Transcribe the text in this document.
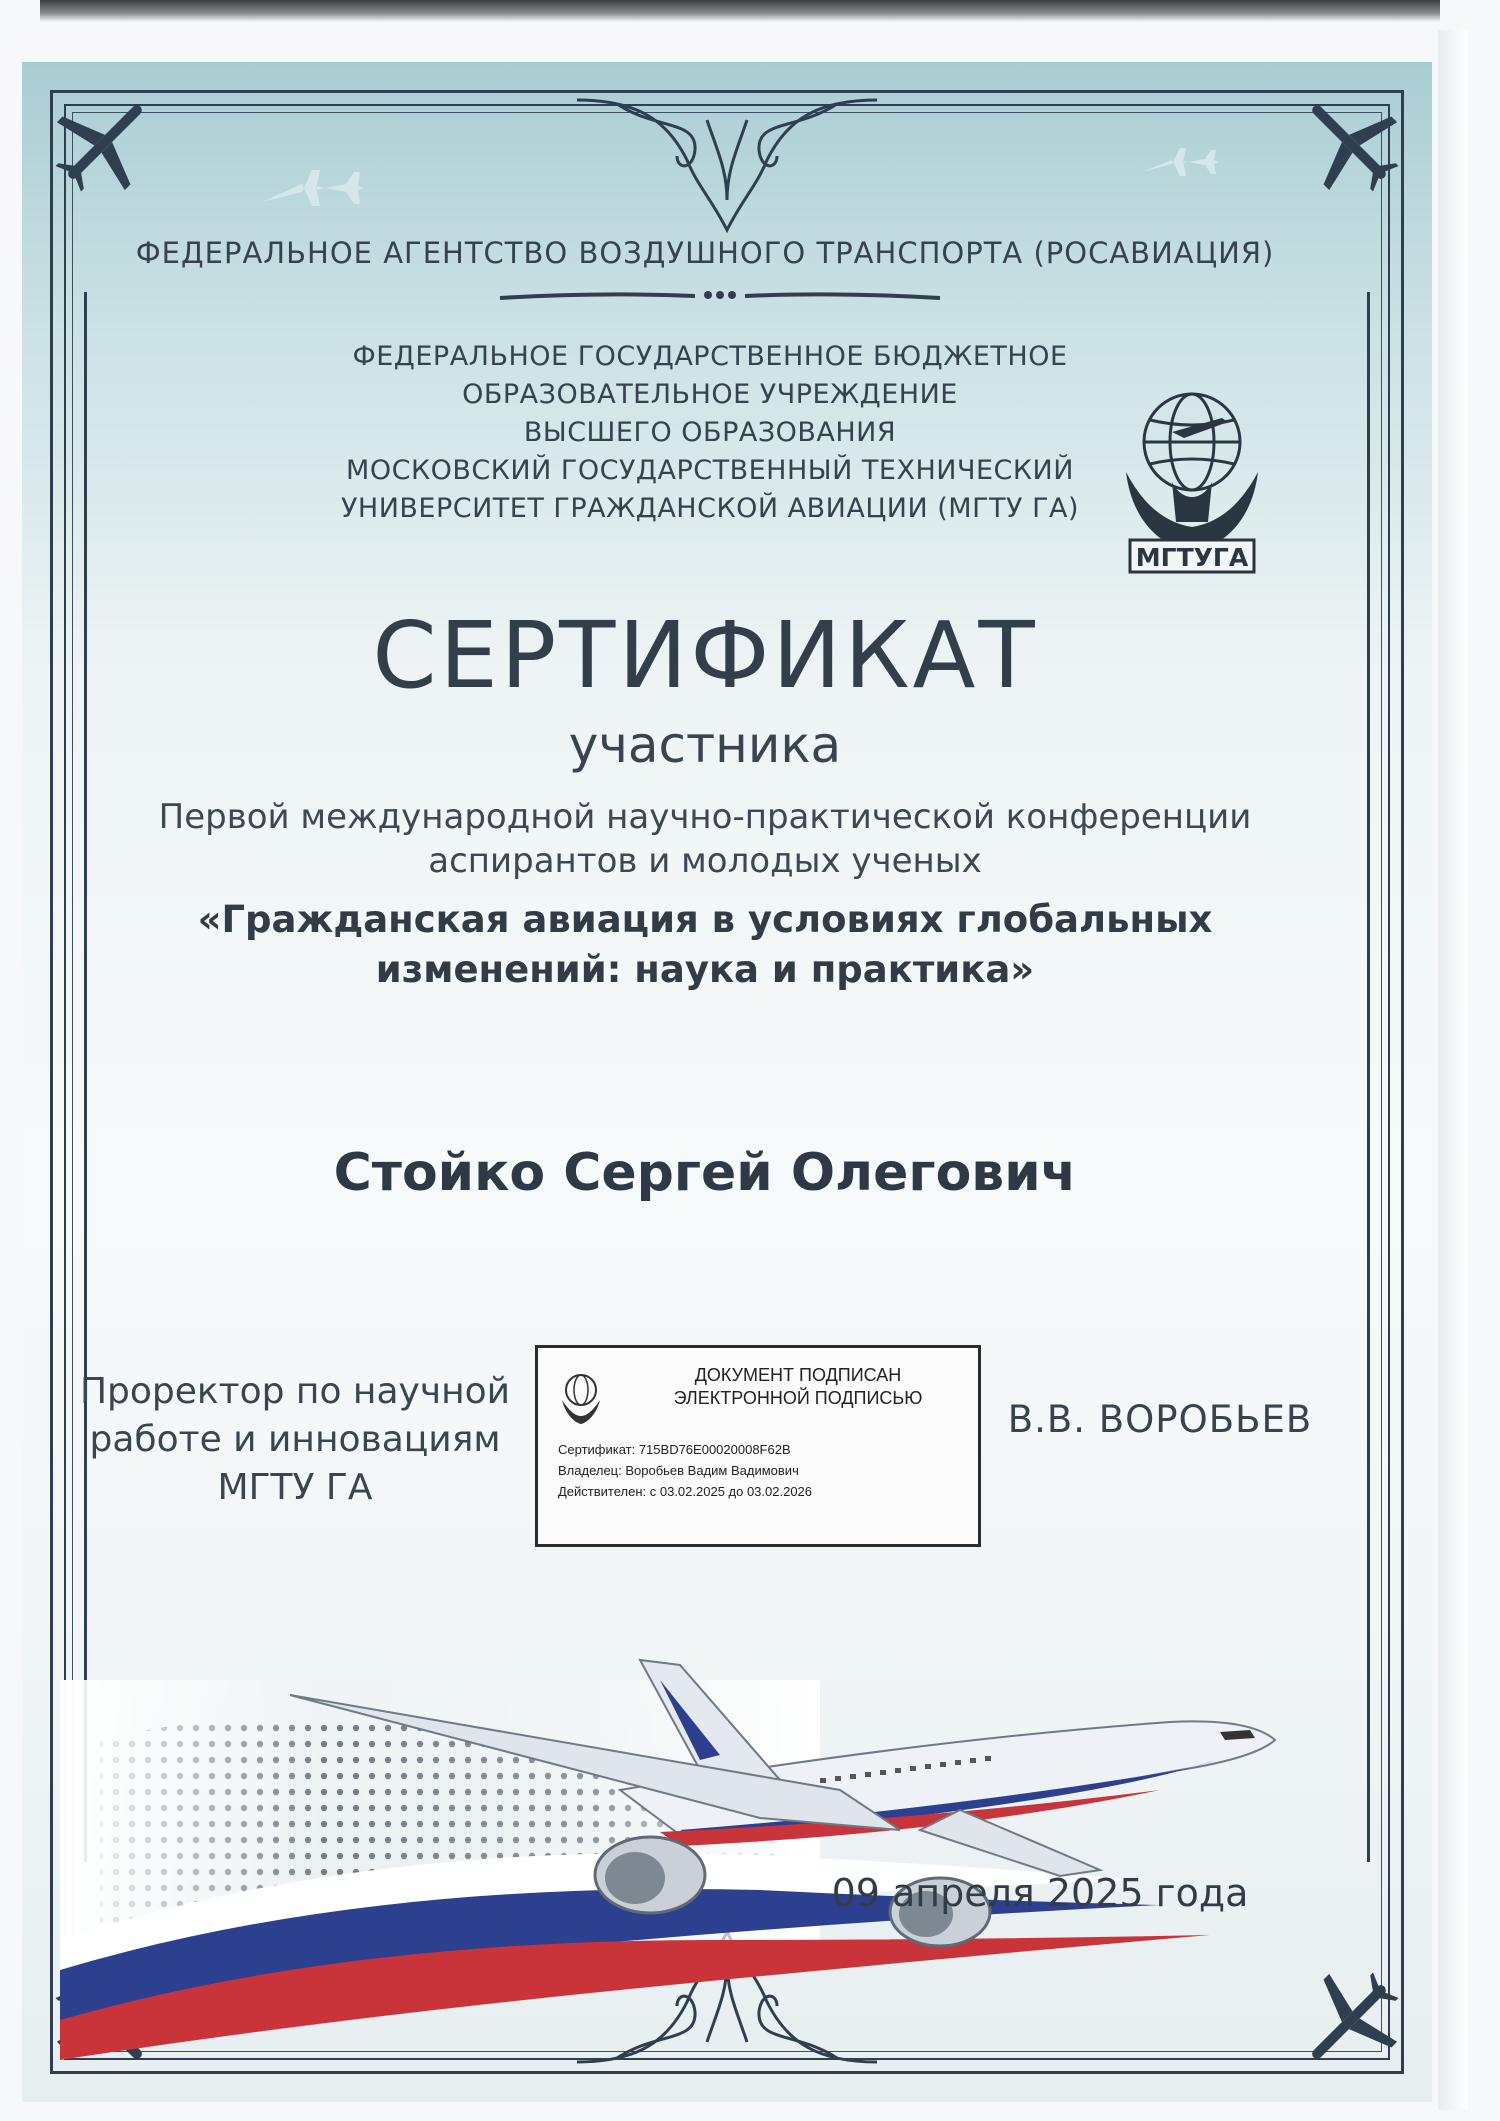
ФЕДЕРАЛЬНОЕ АГЕНТСТВО ВОЗДУШНОГО ТРАНСПОРТА (РОСАВИАЦИЯ)
ФЕДЕРАЛЬНОЕ ГОСУДАРСТВЕННОЕ БЮДЖЕТНОЕ
ОБРАЗОВАТЕЛЬНОЕ УЧРЕЖДЕНИЕ
ВЫСШЕГО ОБРАЗОВАНИЯ
МОСКОВСКИЙ ГОСУДАРСТВЕННЫЙ ТЕХНИЧЕСКИЙ
УНИВЕРСИТЕТ ГРАЖДАНСКОЙ АВИАЦИИ (МГТУ ГА)
МГТУГА
СЕРТИФИКАТ
участника
Первой международной научно-практической конференции
аспирантов и молодых ученых
«Гражданская авиация в условиях глобальных
изменений: наука и практика»
Стойко Сергей Олегович
Проректор по научной
работе и инновациям
МГТУ ГА
ДОКУМЕНТ ПОДПИСАН
ЭЛЕКТРОННОЙ ПОДПИСЬЮ
Сертификат: 715BD76E00020008F62B
Владелец: Воробьев Вадим Вадимович
Действителен: с 03.02.2025 до 03.02.2026
В.В. ВОРОБЬЕВ
09 апреля 2025 года
